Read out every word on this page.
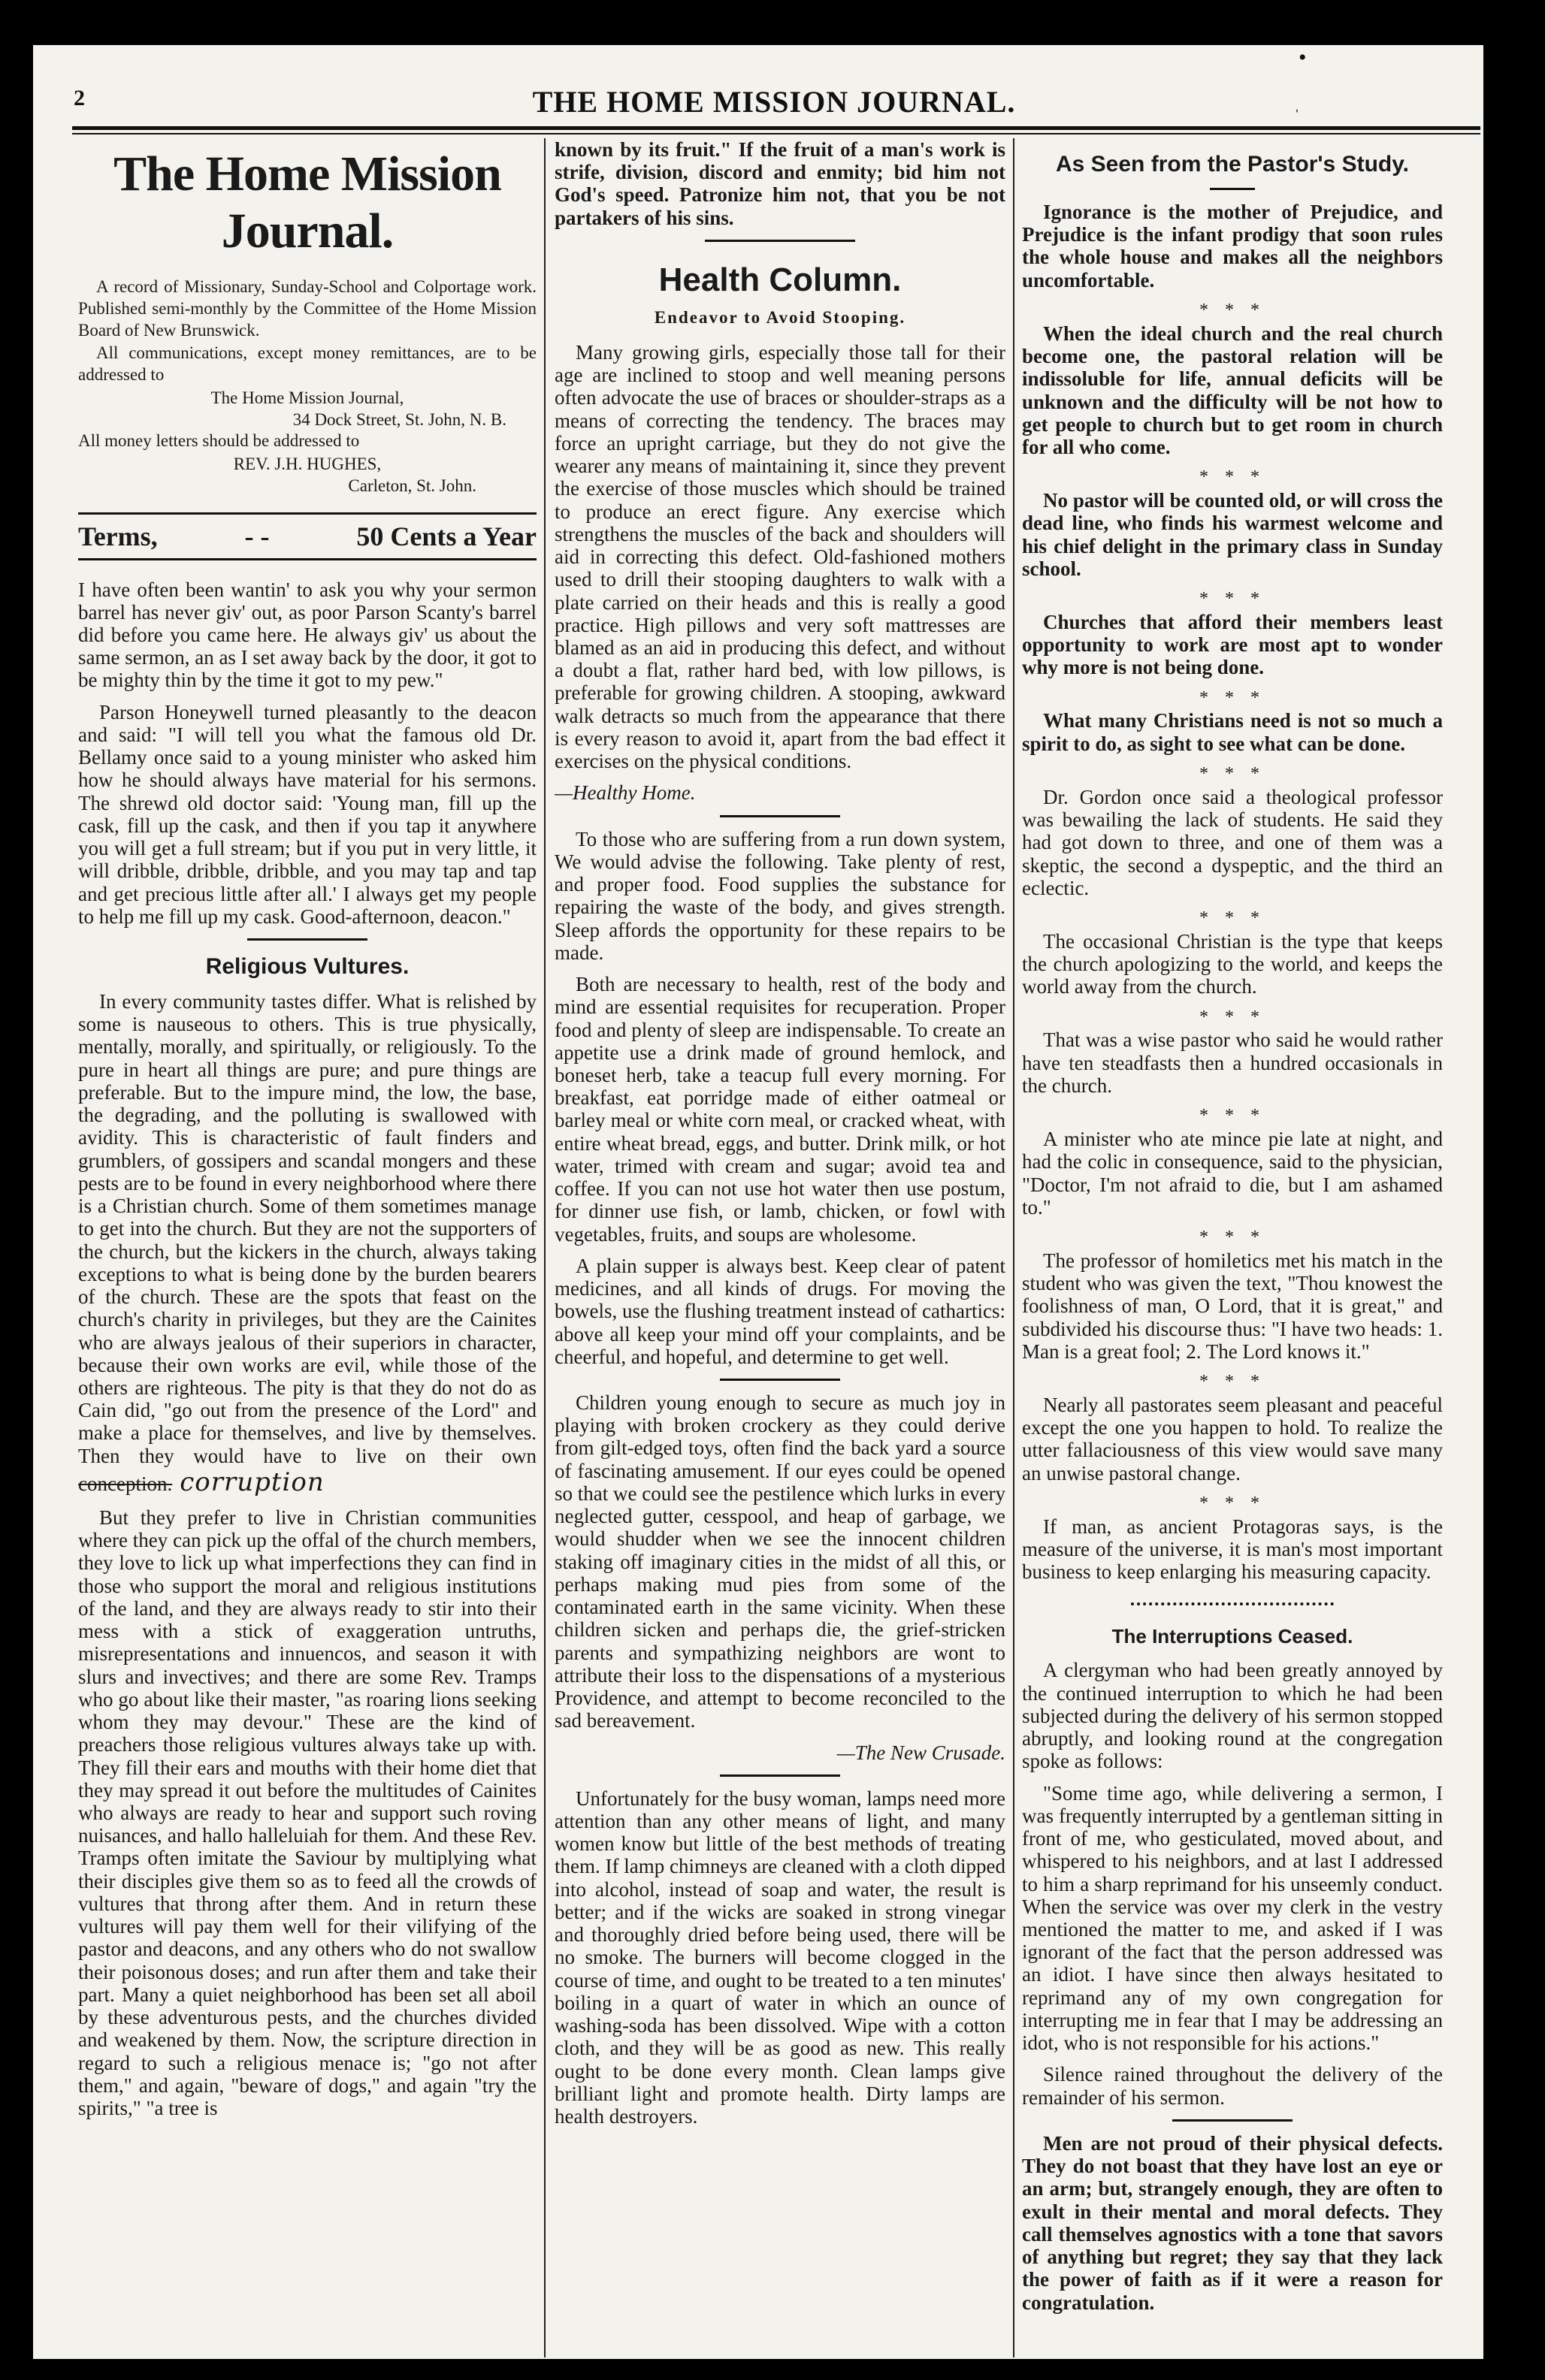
•
ˌ
2	THE HOME MISSION JOURNAL.
The Home Mission Journal.

A record of Missionary, Sunday-School and Colportage work. Published semi-monthly by the Committee of the Home Mission Board of New Brunswick.

All communications, except money remittances, are to be addressed to

The Home Mission Journal,
34 Dock Street, St. John, N. B.

All money letters should be addressed to

REV. J.H. HUGHES,
Carleton, St. John.
Terms,	- -	50 Cents a Year

I have often been wantin' to ask you why your sermon barrel has never giv' out, as poor Parson Scanty's barrel did before you came here. He always giv' us about the same sermon, an as I set away back by the door, it got to be mighty thin by the time it got to my pew."

Parson Honeywell turned pleasantly to the deacon and said: "I will tell you what the famous old Dr. Bellamy once said to a young minister who asked him how he should always have material for his sermons. The shrewd old doctor said: 'Young man, fill up the cask, fill up the cask, and then if you tap it anywhere you will get a full stream; but if you put in very little, it will dribble, dribble, dribble, and you may tap and tap and get precious little after all.' I always get my people to help me fill up my cask. Good-afternoon, deacon."

Religious Vultures.

In every community tastes differ. What is relished by some is nauseous to others. This is true physically, mentally, morally, and spiritually, or religiously. To the pure in heart all things are pure; and pure things are preferable. But to the impure mind, the low, the base, the degrading, and the polluting is swallowed with avidity. This is characteristic of fault finders and grumblers, of gossipers and scandal mongers and these pests are to be found in every neighborhood where there is a Christian church. Some of them sometimes manage to get into the church. But they are not the supporters of the church, but the kickers in the church, always taking exceptions to what is being done by the burden bearers of the church. These are the spots that feast on the church's charity in privileges, but they are the Cainites who are always jealous of their superiors in character, because their own works are evil, while those of the others are righteous. The pity is that they do not do as Cain did, "go out from the presence of the Lord" and make a place for themselves, and live by themselves. Then they would have to live on their own conception. corruption

But they prefer to live in Christian communities where they can pick up the offal of the church members, they love to lick up what imperfections they can find in those who support the moral and religious institutions of the land, and they are always ready to stir into their mess with a stick of exaggeration untruths, misrepresentations and innuencos, and season it with slurs and invectives; and there are some Rev. Tramps who go about like their master, "as roaring lions seeking whom they may devour." These are the kind of preachers those religious vultures always take up with. They fill their ears and mouths with their home diet that they may spread it out before the multitudes of Cainites who always are ready to hear and support such roving nuisances, and hallo halleluiah for them. And these Rev. Tramps often imitate the Saviour by multiplying what their disciples give them so as to feed all the crowds of vultures that throng after them. And in return these vultures will pay them well for their vilifying of the pastor and deacons, and any others who do not swallow their poisonous doses; and run after them and take their part. Many a quiet neighborhood has been set all aboil by these adventurous pests, and the churches divided and weakened by them. Now, the scripture direction in regard to such a religious menace is; "go not after them," and again, "beware of dogs," and again "try the spirits," "a tree is

known by its fruit." If the fruit of a man's work is strife, division, discord and enmity; bid him not God's speed. Patronize him not, that you be not partakers of his sins.

Health Column.
Endeavor to Avoid Stooping.

Many growing girls, especially those tall for their age are inclined to stoop and well meaning persons often advocate the use of braces or shoulder-straps as a means of correcting the tendency. The braces may force an upright carriage, but they do not give the wearer any means of maintaining it, since they prevent the exercise of those muscles which should be trained to produce an erect figure. Any exercise which strengthens the muscles of the back and shoulders will aid in correcting this defect. Old-fashioned mothers used to drill their stooping daughters to walk with a plate carried on their heads and this is really a good practice. High pillows and very soft mattresses are blamed as an aid in producing this defect, and without a doubt a flat, rather hard bed, with low pillows, is preferable for growing children. A stooping, awkward walk detracts so much from the appearance that there is every reason to avoid it, apart from the bad effect it exercises on the physical conditions.

—Healthy Home.

To those who are suffering from a run down system, We would advise the following. Take plenty of rest, and proper food. Food supplies the substance for repairing the waste of the body, and gives strength. Sleep affords the opportunity for these repairs to be made.

Both are necessary to health, rest of the body and mind are essential requisites for recuperation. Proper food and plenty of sleep are indispensable. To create an appetite use a drink made of ground hemlock, and boneset herb, take a teacup full every morning. For breakfast, eat porridge made of either oatmeal or barley meal or white corn meal, or cracked wheat, with entire wheat bread, eggs, and butter. Drink milk, or hot water, trimed with cream and sugar; avoid tea and coffee. If you can not use hot water then use postum, for dinner use fish, or lamb, chicken, or fowl with vegetables, fruits, and soups are wholesome.

A plain supper is always best. Keep clear of patent medicines, and all kinds of drugs. For moving the bowels, use the flushing treatment instead of cathartics: above all keep your mind off your complaints, and be cheerful, and hopeful, and determine to get well.

Children young enough to secure as much joy in playing with broken crockery as they could derive from gilt-edged toys, often find the back yard a source of fascinating amusement. If our eyes could be opened so that we could see the pestilence which lurks in every neglected gutter, cesspool, and heap of garbage, we would shudder when we see the innocent children staking off imaginary cities in the midst of all this, or perhaps making mud pies from some of the contaminated earth in the same vicinity. When these children sicken and perhaps die, the grief-stricken parents and sympathizing neighbors are wont to attribute their loss to the dispensations of a mysterious Providence, and attempt to become reconciled to the sad bereavement.

—The New Crusade.

Unfortunately for the busy woman, lamps need more attention than any other means of light, and many women know but little of the best methods of treating them. If lamp chimneys are cleaned with a cloth dipped into alcohol, instead of soap and water, the result is better; and if the wicks are soaked in strong vinegar and thoroughly dried before being used, there will be no smoke. The burners will become clogged in the course of time, and ought to be treated to a ten minutes' boiling in a quart of water in which an ounce of washing-soda has been dissolved. Wipe with a cotton cloth, and they will be as good as new. This really ought to be done every month. Clean lamps give brilliant light and promote health. Dirty lamps are health destroyers.

As Seen from the Pastor's Study.

Ignorance is the mother of Prejudice, and Prejudice is the infant prodigy that soon rules the whole house and makes all the neighbors uncomfortable.

* * *

When the ideal church and the real church become one, the pastoral relation will be indissoluble for life, annual deficits will be unknown and the difficulty will be not how to get people to church but to get room in church for all who come.

* * *

No pastor will be counted old, or will cross the dead line, who finds his warmest welcome and his chief delight in the primary class in Sunday school.

* * *

Churches that afford their members least opportunity to work are most apt to wonder why more is not being done.

* * *

What many Christians need is not so much a spirit to do, as sight to see what can be done.

* * *

Dr. Gordon once said a theological professor was bewailing the lack of students. He said they had got down to three, and one of them was a skeptic, the second a dyspeptic, and the third an eclectic.

* * *

The occasional Christian is the type that keeps the church apologizing to the world, and keeps the world away from the church.

* * *

That was a wise pastor who said he would rather have ten steadfasts then a hundred occasionals in the church.

* * *

A minister who ate mince pie late at night, and had the colic in consequence, said to the physician, "Doctor, I'm not afraid to die, but I am ashamed to."

* * *

The professor of homiletics met his match in the student who was given the text, "Thou knowest the foolishness of man, O Lord, that it is great," and subdivided his discourse thus: "I have two heads: 1. Man is a great fool; 2. The Lord knows it."

* * *

Nearly all pastorates seem pleasant and peaceful except the one you happen to hold. To realize the utter fallaciousness of this view would save many an unwise pastoral change.

* * *

If man, as ancient Protagoras says, is the measure of the universe, it is man's most important business to keep enlarging his measuring capacity.

The Interruptions Ceased.

A clergyman who had been greatly annoyed by the continued interruption to which he had been subjected during the delivery of his sermon stopped abruptly, and looking round at the congregation spoke as follows:

"Some time ago, while delivering a sermon, I was frequently interrupted by a gentleman sitting in front of me, who gesticulated, moved about, and whispered to his neighbors, and at last I addressed to him a sharp reprimand for his unseemly conduct. When the service was over my clerk in the vestry mentioned the matter to me, and asked if I was ignorant of the fact that the person addressed was an idiot. I have since then always hesitated to reprimand any of my own congregation for interrupting me in fear that I may be addressing an idot, who is not responsible for his actions."

Silence rained throughout the delivery of the remainder of his sermon.

Men are not proud of their physical defects. They do not boast that they have lost an eye or an arm; but, strangely enough, they are often to exult in their mental and moral defects. They call themselves agnostics with a tone that savors of anything but regret; they say that they lack the power of faith as if it were a reason for congratulation.
